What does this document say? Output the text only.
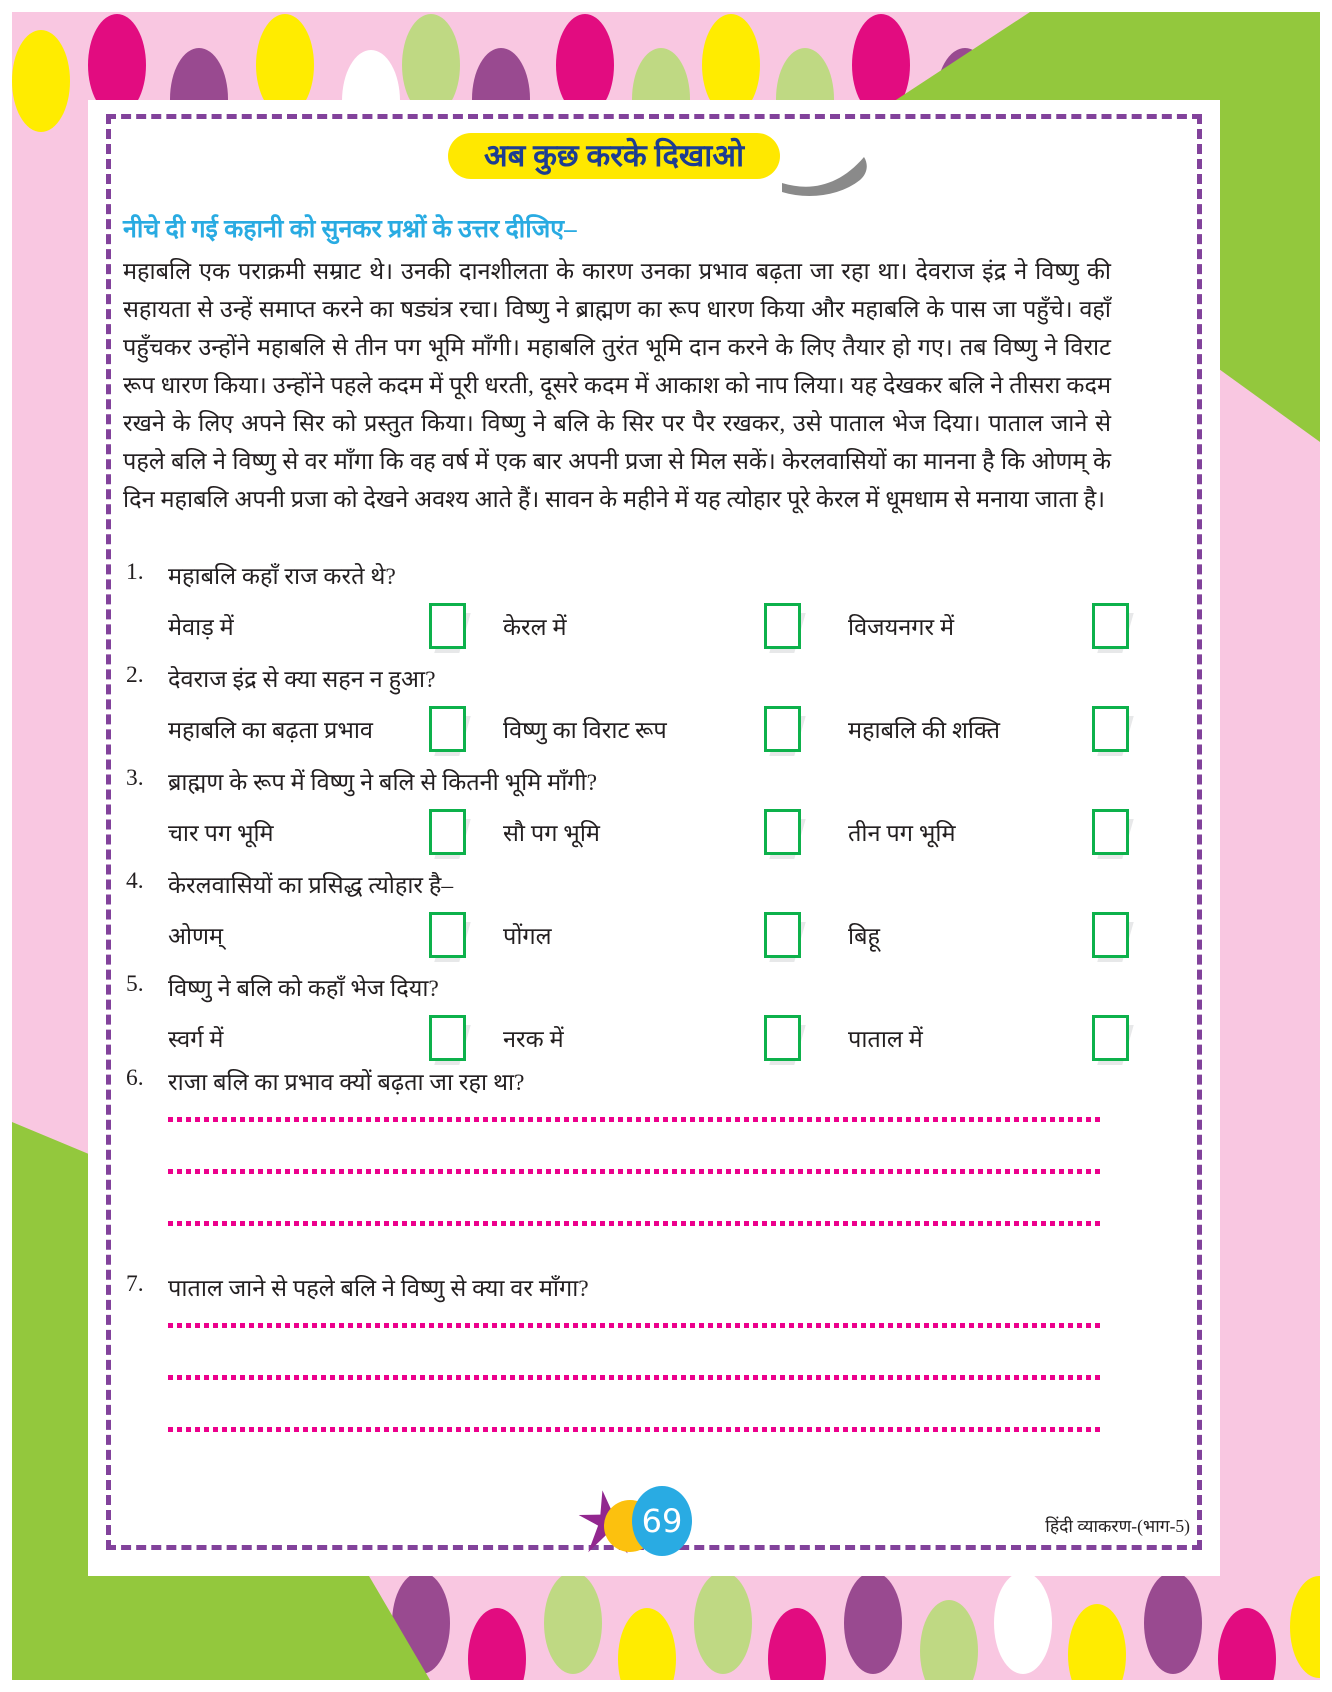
अब कुछ करके दिखाओ
नीचे दी गई कहानी को सुनकर प्रश्नों के उत्तर दीजिए–
महाबलि एक पराक्रमी सम्राट थे। उनकी दानशीलता के कारण उनका प्रभाव बढ़ता जा रहा था। देवराज इंद्र ने विष्णु की सहायता से उन्हें समाप्त करने का षड्यंत्र रचा। विष्णु ने ब्राह्मण का रूप धारण किया और महाबलि के पास जा पहुँचे। वहाँ पहुँचकर उन्होंने महाबलि से तीन पग भूमि माँगी। महाबलि तुरंत भूमि दान करने के लिए तैयार हो गए। तब विष्णु ने विराट रूप धारण किया। उन्होंने पहले कदम में पूरी धरती, दूसरे कदम में आकाश को नाप लिया। यह देखकर बलि ने तीसरा कदम रखने के लिए अपने सिर को प्रस्तुत किया। विष्णु ने बलि के सिर पर पैर रखकर, उसे पाताल भेज दिया। पाताल जाने से पहले बलि ने विष्णु से वर माँगा कि वह वर्ष में एक बार अपनी प्रजा से मिल सकें। केरलवासियों का मानना है कि ओणम् के दिन महाबलि अपनी प्रजा को देखने अवश्य आते हैं। सावन के महीने में यह त्योहार पूरे केरल में धूमधाम से मनाया जाता है।
1.	महाबलि कहाँ राज करते थे?
मेवाड़ में	केरल में	विजयनगर में
2.	देवराज इंद्र से क्या सहन न हुआ?
महाबलि का बढ़ता प्रभाव	विष्णु का विराट रूप	महाबलि की शक्ति
3.	ब्राह्मण के रूप में विष्णु ने बलि से कितनी भूमि माँगी?
चार पग भूमि	सौ पग भूमि	तीन पग भूमि
4.	केरलवासियों का प्रसिद्ध त्योहार है–
ओणम्	पोंगल	बिहू
5.	विष्णु ने बलि को कहाँ भेज दिया?
स्वर्ग में	नरक में	पाताल में
6.	राजा बलि का प्रभाव क्यों बढ़ता जा रहा था?
7.	पाताल जाने से पहले बलि ने विष्णु से क्या वर माँगा?
69	हिंदी व्याकरण-(भाग-5)
